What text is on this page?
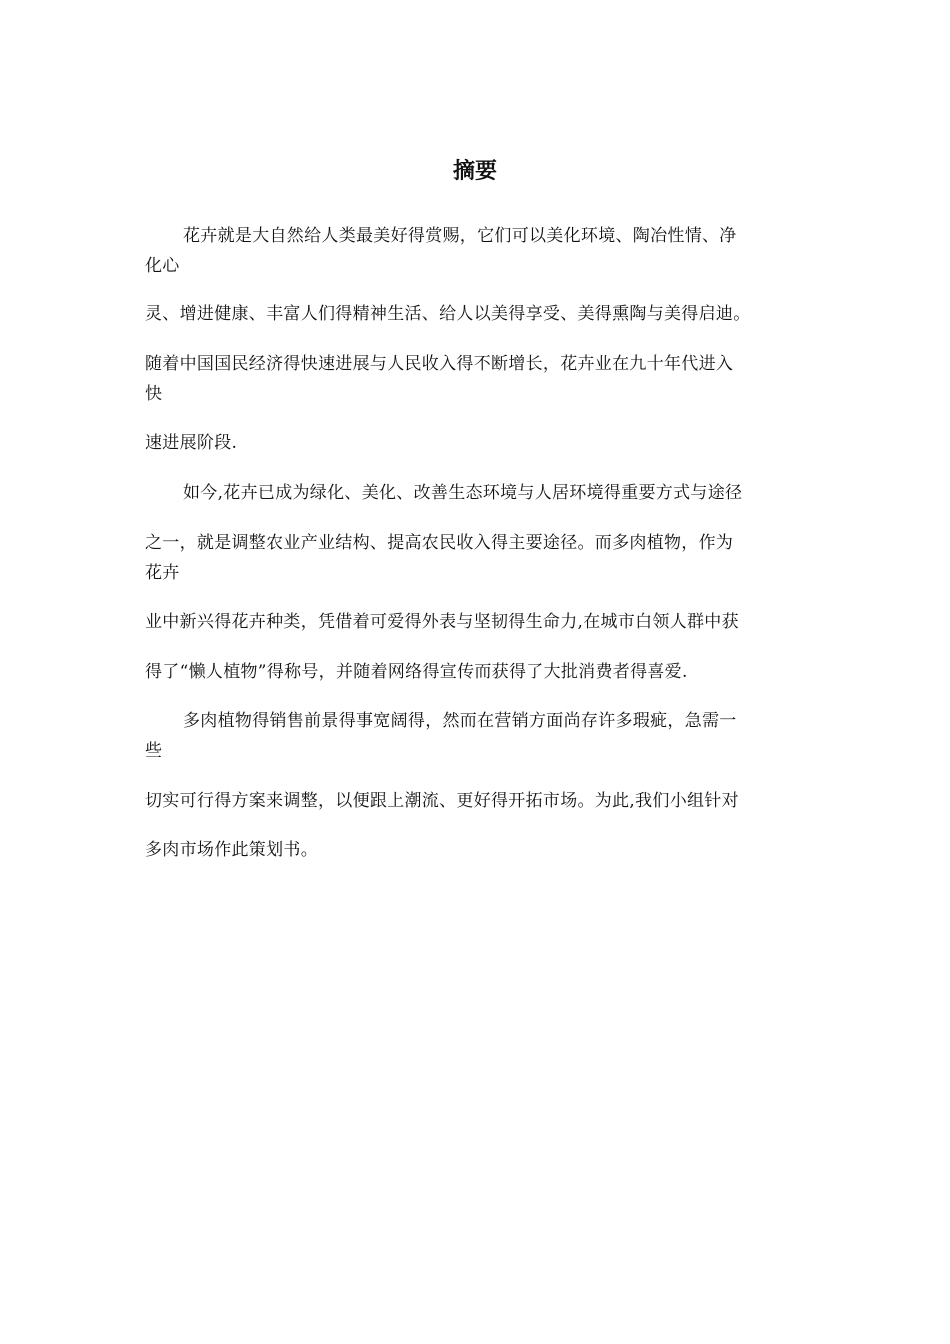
摘要

花卉就是大自然给人类最美好得赏赐，它们可以美化环境、陶冶性情、净

化心

灵、增进健康、丰富人们得精神生活、给人以美得享受、美得熏陶与美得启迪。

随着中国国民经济得快速进展与人民收入得不断增长，花卉业在九十年代进入

快

速进展阶段.

如今,花卉已成为绿化、美化、改善生态环境与人居环境得重要方式与途径

之一，就是调整农业产业结构、提高农民收入得主要途径。而多肉植物，作为

花卉

业中新兴得花卉种类，凭借着可爱得外表与坚韧得生命力,在城市白领人群中获

得了“懒人植物”得称号，并随着网络得宣传而获得了大批消费者得喜爱.

多肉植物得销售前景得事宽阔得，然而在营销方面尚存许多瑕疵，急需一

些

切实可行得方案来调整，以便跟上潮流、更好得开拓市场。为此,我们小组针对

多肉市场作此策划书。
